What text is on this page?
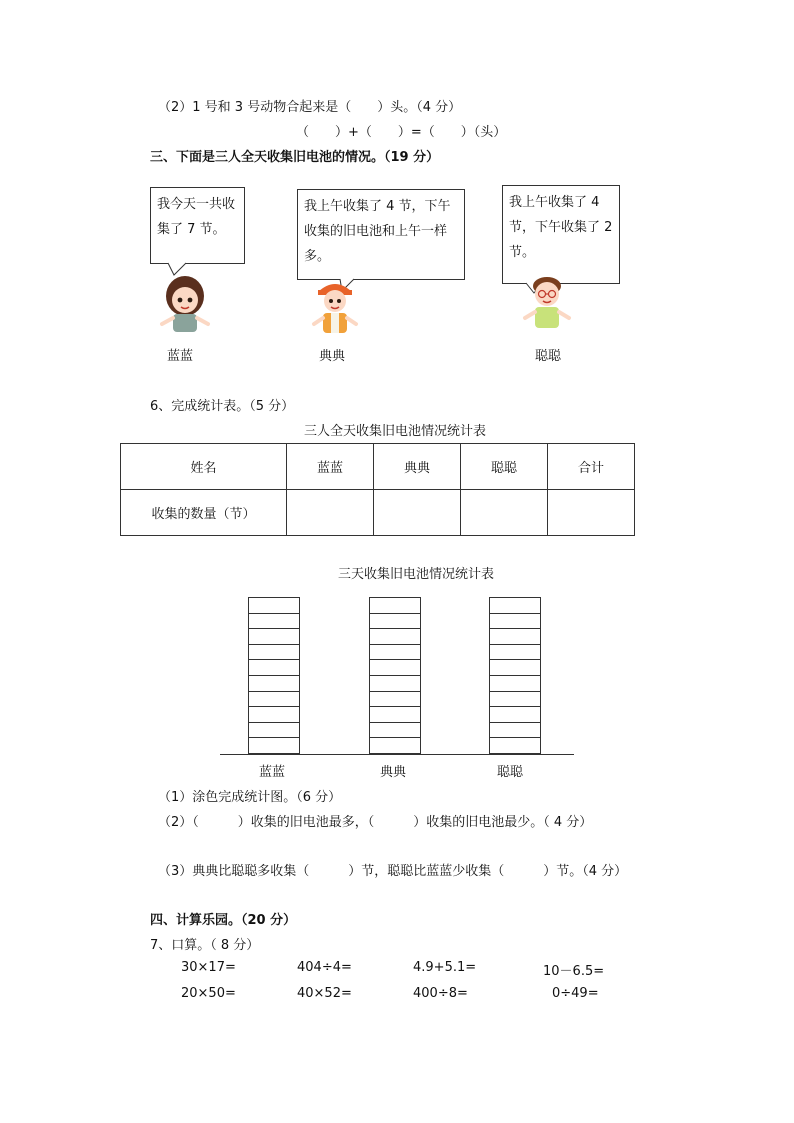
（2）1 号和 3 号动物合起来是（　　）头。（4 分）
（　　）+（　　）=（　　）（头）
三、下面是三人全天收集旧电池的情况。（19 分）
我今天一共收集了 7 节。
我上午收集了 4 节，下午收集的旧电池和上午一样多。
我上午收集了 4 节，下午收集了 2 节。
蓝蓝	典典	聪聪
6、完成统计表。（5 分）
三人全天收集旧电池情况统计表
姓名	蓝蓝	典典	聪聪	合计
收集的数量（节）				
三天收集旧电池情况统计表
蓝蓝	典典	聪聪
（1）涂色完成统计图。（6 分）
（2）（　　　）收集的旧电池最多，（　　　）收集的旧电池最少。（ 4 分）
（3）典典比聪聪多收集（　　　）节，聪聪比蓝蓝少收集（　　　）节。（4 分）
四、计算乐园。（20 分）
7、口算。（ 8 分）
30×17=	404÷4=	4.9+5.1=	10－6.5=
20×50=	40×52=	400÷8=	0÷49=
